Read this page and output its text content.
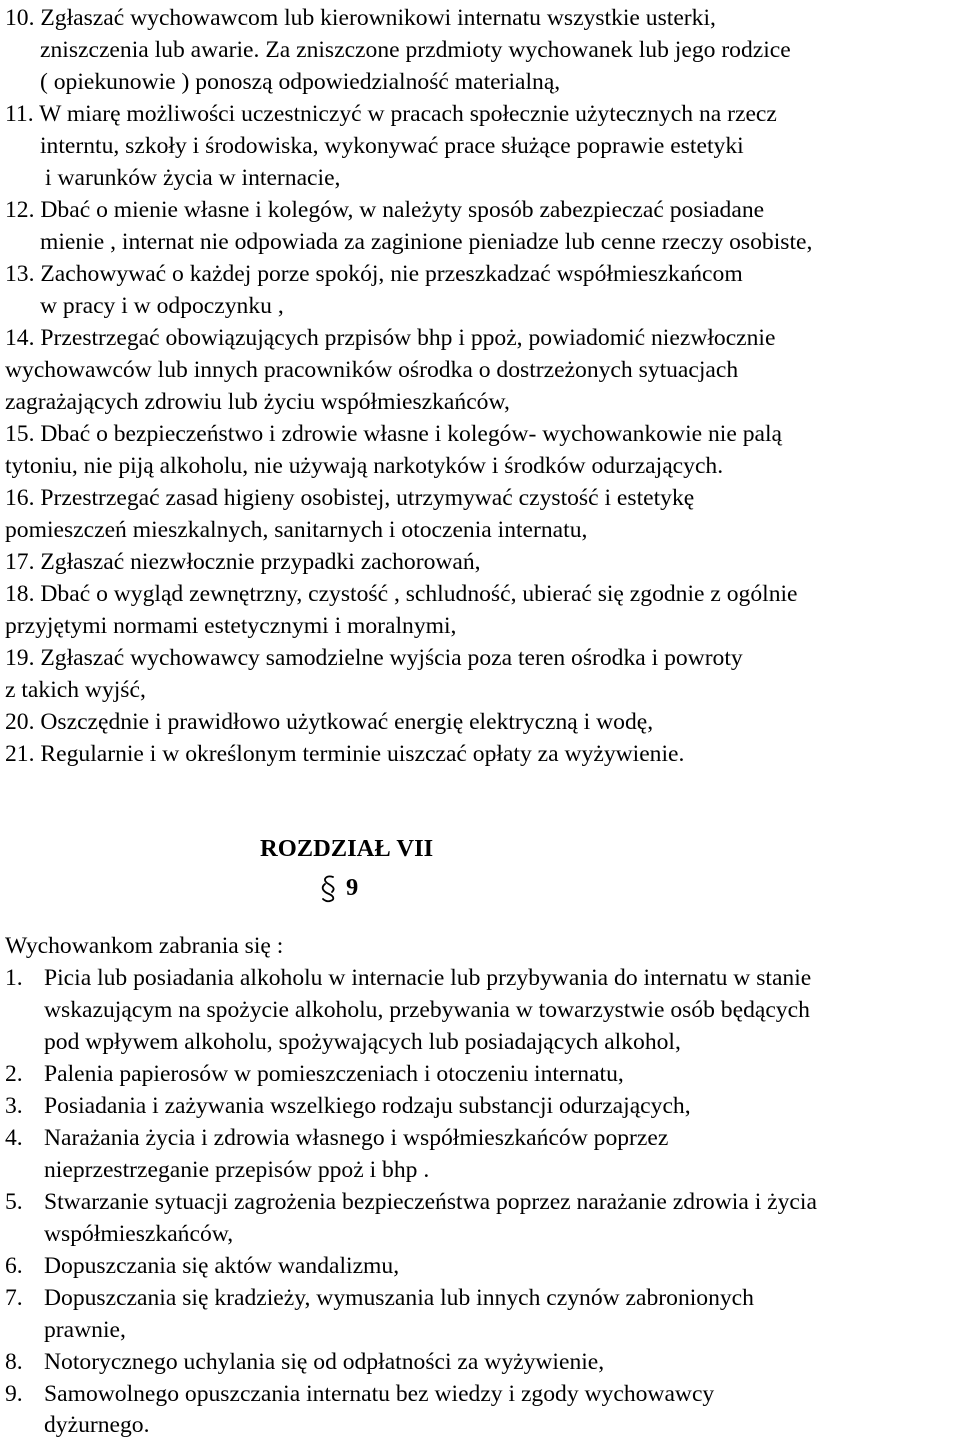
10. Zgłaszać wychowawcom lub kierownikowi internatu wszystkie usterki,
zniszczenia lub awarie. Za zniszczone przdmioty wychowanek lub jego rodzice
( opiekunowie ) ponoszą odpowiedzialność materialną,
11. W miarę możliwości uczestniczyć w pracach społecznie użytecznych na rzecz
interntu, szkoły i środowiska, wykonywać prace służące poprawie estetyki
i warunków życia w internacie,
12. Dbać o mienie własne i kolegów, w należyty sposób zabezpieczać posiadane
mienie , internat nie odpowiada za zaginione pieniadze lub cenne rzeczy osobiste,
13. Zachowywać o każdej porze spokój, nie przeszkadzać współmieszkańcom
w pracy i w odpoczynku ,
14. Przestrzegać obowiązujących przpisów bhp i ppoż, powiadomić niezwłocznie
wychowawców lub innych pracowników ośrodka o dostrzeżonych sytuacjach
zagrażających zdrowiu lub życiu współmieszkańców,
15. Dbać o bezpieczeństwo i zdrowie własne i kolegów- wychowankowie nie palą
tytoniu, nie piją alkoholu, nie używają narkotyków i środków odurzających.
16. Przestrzegać zasad higieny osobistej, utrzymywać czystość i estetykę
pomieszczeń mieszkalnych, sanitarnych i otoczenia internatu,
17. Zgłaszać niezwłocznie przypadki zachorowań,
18. Dbać o wygląd zewnętrzny, czystość , schludność, ubierać się zgodnie z ogólnie
przyjętymi normami estetycznymi i moralnymi,
19. Zgłaszać wychowawcy samodzielne wyjścia poza teren ośrodka i powroty
z takich wyjść,
20. Oszczędnie i prawidłowo użytkować energię elektryczną i wodę,
21. Regularnie i w określonym terminie uiszczać opłaty za wyżywienie.
ROZDZIAŁ VII
9
Wychowankom zabrania się :
1. Picia lub posiadania alkoholu w internacie lub przybywania do internatu w stanie
wskazującym na spożycie alkoholu, przebywania w towarzystwie osób będących
pod wpływem alkoholu, spożywających lub posiadających alkohol,
2. Palenia papierosów w pomieszczeniach i otoczeniu internatu,
3. Posiadania i zażywania wszelkiego rodzaju substancji odurzających,
4. Narażania życia i zdrowia własnego i współmieszkańców poprzez
nieprzestrzeganie przepisów ppoż i bhp .
5. Stwarzanie sytuacji zagrożenia bezpieczeństwa poprzez narażanie zdrowia i życia
współmieszkańców,
6. Dopuszczania się aktów wandalizmu,
7. Dopuszczania się kradzieży, wymuszania lub innych czynów zabronionych
prawnie,
8. Notorycznego uchylania się od odpłatności za wyżywienie,
9. Samowolnego opuszczania internatu bez wiedzy i zgody wychowawcy
dyżurnego.
